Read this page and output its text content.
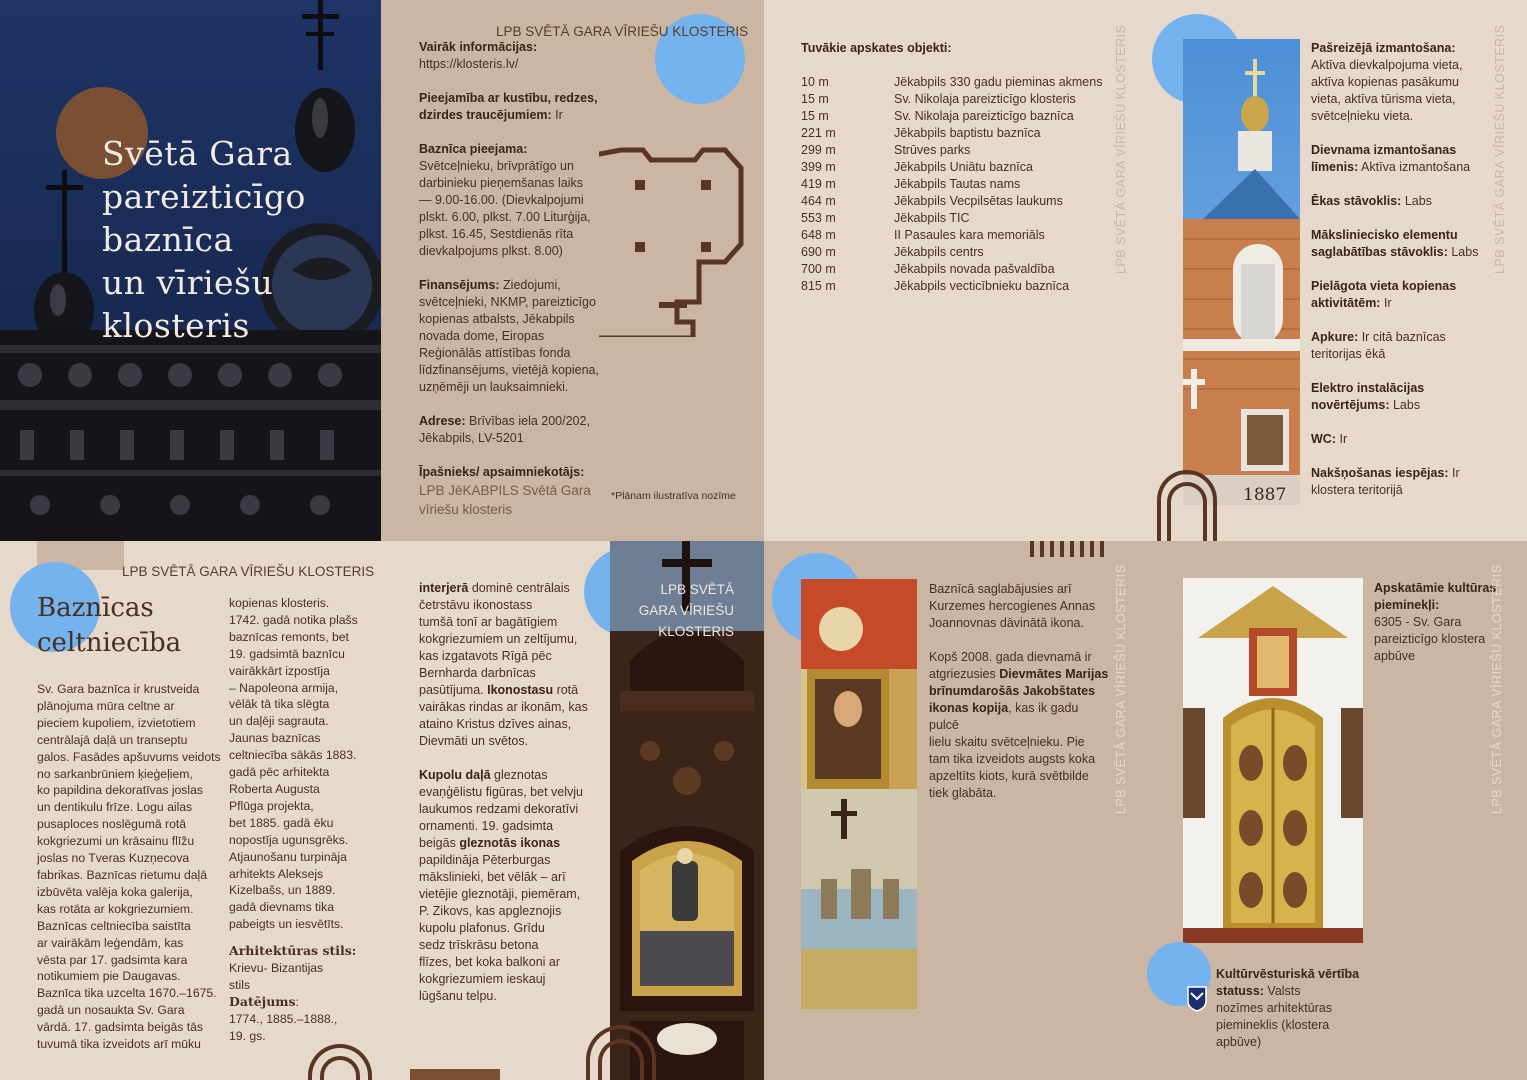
Svētā Gara
pareizticīgo
baznīca
un vīriešu
klosteris
LPB SVĒTĀ GARA VĪRIEŠU KLOSTERIS
Vairāk informācijas:
https://klosteris.lv/
Pieejamība ar kustību, redzes, dzirdes traucējumiem: Ir
Baznīca pieejama:
Svētceļnieku, brīvprātīgo un
darbinieku pieņemšanas laiks
— 9.00-16.00. (Dievkalpojumi
plskt. 6.00, plkst. 7.00 Liturģija,
plkst. 16.45, Sestdienās rīta
dievkalpojums plkst. 8.00)
Finansējums: Ziedojumi,
svētceļnieki, NKMP, pareizticīgo
kopienas atbalsts, Jēkabpils
novada dome, Eiropas
Reģionālās attīstības fonda
līdzfinansējums, vietējā kopiena,
uzņēmēji un lauksaimnieki.
Adrese: Brīvības iela 200/202,
Jēkabpils, LV-5201
Īpašnieks/ apsaimniekotājs:
LPB JēKABPILS Svētā Gara
vīriešu klosteris
*Plānam ilustratīva nozīme
Tuvākie apskates objekti:
10 m	Jēkabpils 330 gadu pieminas akmens
15 m	Sv. Nikolaja pareizticīgo klosteris
15 m	Sv. Nikolaja pareizticīgo baznīca
221 m	Jēkabpils baptistu baznīca
299 m	Strūves parks
399 m	Jēkabpils Uniātu baznīca
419 m	Jēkabpils Tautas nams
464 m	Jēkabpils Vecpilsētas laukums
553 m	Jēkabpils TIC
648 m	II Pasaules kara memoriāls
690 m	Jēkabpils centrs
700 m	Jēkabpils novada pašvaldība
815 m	Jēkabpils vecticībnieku baznīca
LPB SVĒTĀ GARA VĪRIEŠU KLOSTERIS
1887
LPB SVĒTĀ GARA VĪRIEŠU KLOSTERIS
Pašreizējā izmantošana:
Aktīva dievkalpojuma vieta,
aktīva kopienas pasākumu
vieta, aktīva tūrisma vieta,
svētceļnieku vieta.
Dievnama izmantošanas līmenis: Aktīva izmantošana
Ēkas stāvoklis: Labs
Mākslinieciskо elementu saglabātības stāvoklis: Labs
Pielāgota vieta kopienas aktivitātēm: Ir
Apkure: Ir citā baznīcas teritorijas ēkā
Elektro instalācijas novērtējums: Labs
WC: Ir
Nakšņošanas iespējas: Ir klostera teritorijā
LPB SVĒTĀ GARA VĪRIEŠU KLOSTERIS
Baznīcas
celtniecība
Sv. Gara baznīca ir krustveida
plānojuma mūra celtne ar
pieciem kupoliem, izvietotiem
centrālajā daļā un transeptu
galos. Fasādes apšuvums veidots
no sarkanbrūniem ķieģeļiem,
ko papildina dekoratīvas joslas
un dentikulu frīze. Logu ailas
pusaploces noslēgumā rotā
kokgriezumi un krāsainu flīžu
joslas no Tveras Kuzņecova
fabrikas. Baznīcas rietumu daļā
izbūvēta valēja koka galerija,
kas rotāta ar kokgriezumiem.
Baznīcas celtniecība saistīta
ar vairākām leģendām, kas
vēsta par 17. gadsimta kara
notikumiem pie Daugavas.
Baznīca tika uzcelta 1670.–1675.
gadā un nosaukta Sv. Gara
vārdā. 17. gadsimta beigās tās
tuvumā tika izveidots arī mūku
kopienas klosteris.
1742. gadā notika plašs
baznīcas remonts, bet
19. gadsimtā baznīcu
vairākkārt izpostīja
– Napoleona armija,
vēlāk tā tika slēgta
un daļēji sagrauta.
Jaunas baznīcas
celtniecība sākās 1883.
gadā pēc arhitekta
Roberta Augusta
Pflūga projekta,
bet 1885. gadā ēku
nopostīja ugunsgrēks.
Atjaunošanu turpināja
arhitekts Aleksejs
Kizelbašs, un 1889.
gadā dievnams tika
pabeigts un iesvētīts.
Arhitektūras stils:
Krievu- Bizantijas
stils
Datējums:
1774., 1885.–1888.,
19. gs.
interjerā dominē centrālais
četrstāvu ikonostass
tumšā tonī ar bagātīgiem
kokgriezumiem un zeltījumu,
kas izgatavots Rīgā pēc
Bernharda darbnīcas
pasūtījuma. Ikonostasu rotā
vairākas rindas ar ikonām, kas
ataino Kristus dzīves ainas,
Dievmāti un svētos.
Kupolu daļā gleznotas
evaņģēlistu figūras, bet velvju
laukumos redzami dekoratīvi
ornamenti. 19. gadsimta
beigās gleznotās ikonas
papildināja Pēterburgas
mākslinieki, bet vēlāk – arī
vietējie gleznotāji, piemēram,
P. Zikovs, kas apgleznojis
kupolu plafonus. Grīdu
sedz trīskrāsu betona
flīzes, bet koka balkoni ar
kokgriezumiem ieskauj
lūgšanu telpu.
LPB SVĒTĀ
GARA VĪRIEŠU
KLOSTERIS
Baznīcā saglabājusies arī
Kurzemes hercogienes Annas
Joannovnas dāvinātā ikona.
Kopš 2008. gada dievnamā ir
atgriezusies Dievmātes Marijas brīnumdarošās Jakobštates ikonas kopija, kas ik gadu pulcē
lielu skaitu svētceļnieku. Pie
tam tika izveidots augsts koka
apzeltīts kiots, kurā svētbilde
tiek glabāta.	LPB SVĒTĀ GARA VĪRIEŠU KLOSTERIS	Apskatāmie kultūras pieminekļi:
6305 - Sv. Gara
pareizticīgo klostera
apbūve	LPB SVĒTĀ GARA VĪRIEŠU KLOSTERIS
Kultūrvēsturiskā vērtība statuss: Valsts
nozīmes arhitektūras
piemineklis (klostera
apbūve)
